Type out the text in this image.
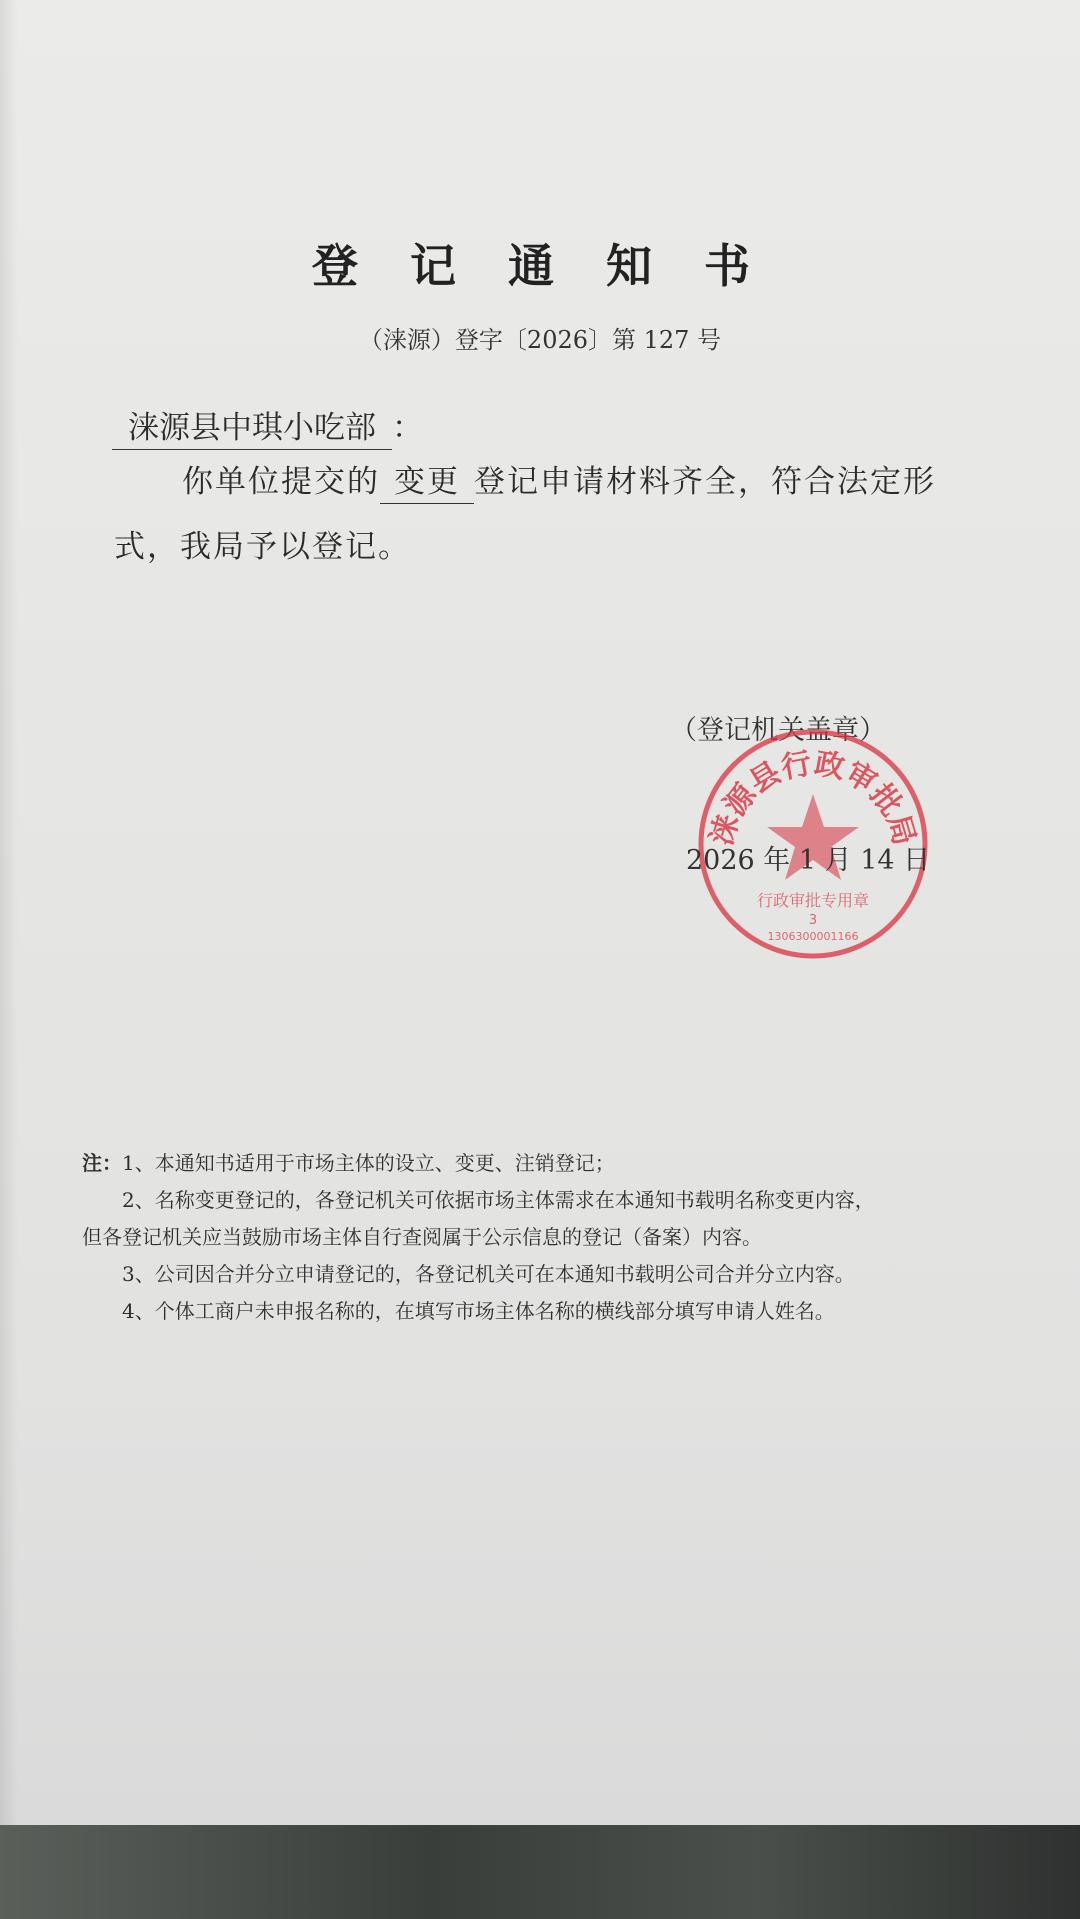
登 记 通 知 书
（涞源）登字〔2026〕第 127 号
涞源县中琪小吃部 ：
你单位提交的 变更 登记申请材料齐全，符合法定形
式，我局予以登记。
（登记机关盖章）
涞源县行政审批局
行政审批专用章
3
1306300001166
2026 年 1 月 14 日
注：1、本通知书适用于市场主体的设立、变更、注销登记；
2、名称变更登记的，各登记机关可依据市场主体需求在本通知书载明名称变更内容，
但各登记机关应当鼓励市场主体自行查阅属于公示信息的登记（备案）内容。
3、公司因合并分立申请登记的，各登记机关可在本通知书载明公司合并分立内容。
4、个体工商户未申报名称的，在填写市场主体名称的横线部分填写申请人姓名。
